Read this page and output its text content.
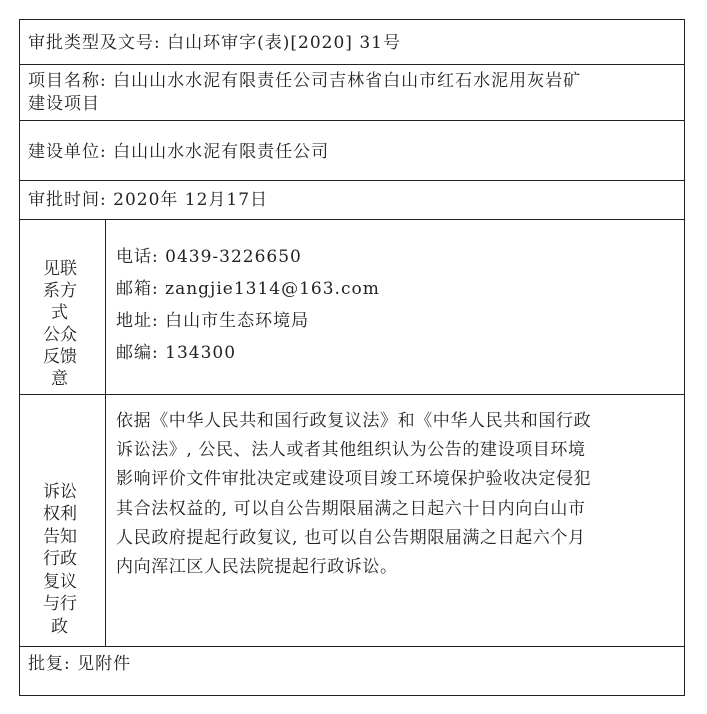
审批类型及文号: 白山环审字(表)[2020] 31号
项目名称: 白山山水水泥有限责任公司吉林省白山市红石水泥用灰岩矿
建设项目
建设单位: 白山山水水泥有限责任公司
审批时间: 2020年 12月17日
见联
系方
式
公众
反馈
意
电话: 0439-3226650
邮箱: zangjie1314@163.com
地址: 白山市生态环境局
邮编: 134300
诉讼
权利
告知
行政
复议
与行
政
依据《中华人民共和国行政复议法》和《中华人民共和国行政
诉讼法》, 公民、法人或者其他组织认为公告的建设项目环境
影响评价文件审批决定或建设项目竣工环境保护验收决定侵犯
其合法权益的, 可以自公告期限届满之日起六十日内向白山市
人民政府提起行政复议, 也可以自公告期限届满之日起六个月
内向浑江区人民法院提起行政诉讼。
批复: 见附件
